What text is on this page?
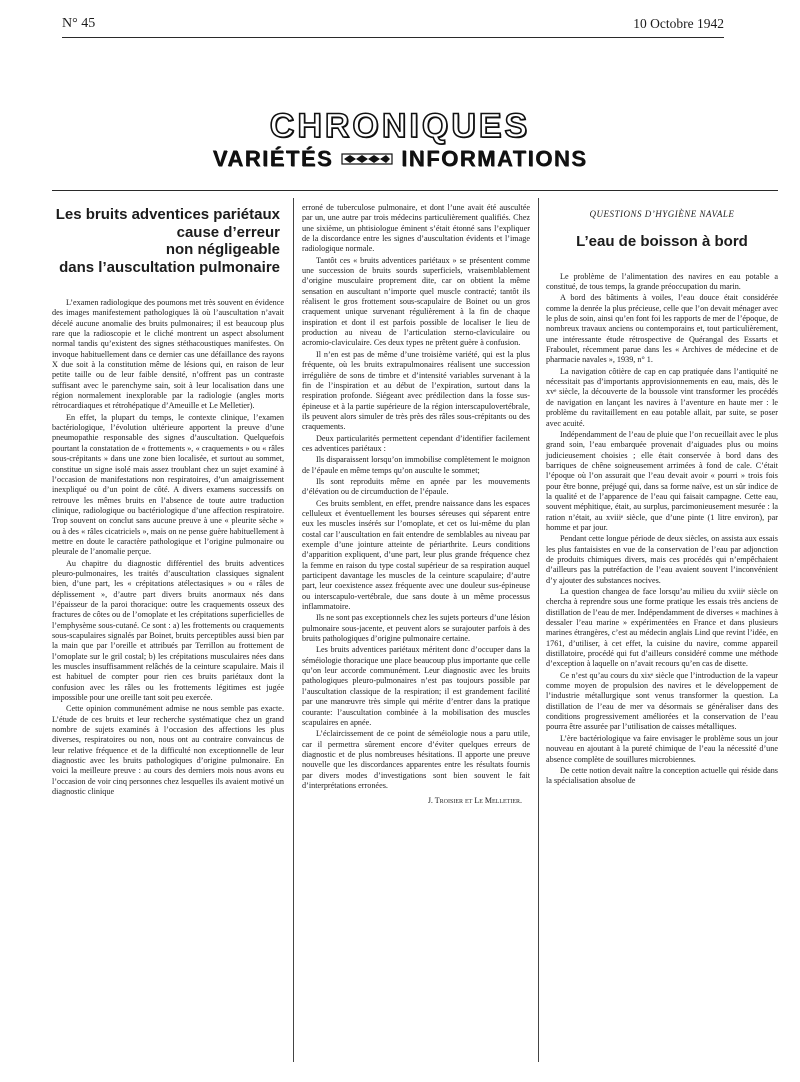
N° 45	10 Octobre 1942
CHRONIQUES
VARIÉTÉS	INFORMATIONS
Les bruits adventices pariétaux
cause d’erreur
non négligeable
dans l’auscultation pulmonaire

L’examen radiologique des poumons met très souvent en évidence des images manifestement pathologiques là où l’auscultation n’avait décelé aucune anomalie des bruits pulmonaires; il est beaucoup plus rare que la radioscopie et le cliché montrent un aspect absolument normal tandis qu’existent des signes stéthacoustiques manifestes. On invoque habituellement dans ce dernier cas une défaillance des rayons X due soit à la constitution même de lésions qui, en raison de leur petite taille ou de leur faible densité, n’offrent pas un contraste suffisant avec le parenchyme sain, soit à leur localisation dans une région normalement inexplorable par la radiologie (angles morts rétrocardiaques et rétrohépatique d’Ameuille et Le Melletier).

En effet, la plupart du temps, le contexte clinique, l’examen bactériologique, l’évolution ultérieure apportent la preuve d’une pneumopathie responsable des signes d’auscultation. Quelquefois pourtant la constatation de « frottements », « craquements » ou « râles sous-crépitants » dans une zone bien localisée, et surtout au sommet, constitue un signe isolé mais assez troublant chez un sujet examiné à l’occasion de manifestations non respiratoires, d’un amaigrissement inexpliqué ou d’un point de côté. A divers examens successifs on retrouve les mêmes bruits en l’absence de toute autre traduction clinique, radiologique ou bactériologique d’une affection respiratoire. Trop souvent on conclut sans aucune preuve à une « pleurite sèche » ou à des « râles cicatriciels », mais on ne pense guère habituellement à mettre en doute le caractère pathologique et l’origine pulmonaire ou pleurale de l’anomalie perçue.

Au chapitre du diagnostic différentiel des bruits adventices pleuro-pulmonaires, les traités d’auscultation classiques signalent bien, d’une part, les « crépitations atélectasiques » ou « râles de déplissement », d’autre part divers bruits anormaux nés dans l’épaisseur de la paroi thoracique: outre les craquements osseux des fractures de côtes ou de l’omoplate et les crépitations superficielles de l’emphysème sous-cutané. Ce sont : a) les frottements ou craquements sous-scapulaires signalés par Boinet, bruits perceptibles aussi bien par la main que par l’oreille et attribués par Terrillon au frottement de l’omoplate sur le gril costal; b) les crépitations musculaires nées dans les muscles insuffisamment relâchés de la ceinture scapulaire. Mais il est habituel de compter pour rien ces bruits pariétaux dont la confusion avec les râles ou les frottements légitimes est jugée impossible pour une oreille tant soit peu exercée.

Cette opinion communément admise ne nous semble pas exacte. L’étude de ces bruits et leur recherche systématique chez un grand nombre de sujets examinés à l’occasion des affections les plus diverses, respiratoires ou non, nous ont au contraire convaincus de leur relative fréquence et de la difficulté non exceptionnelle de leur diagnostic avec les bruits pathologiques d’origine pulmonaire. En voici la meilleure preuve : au cours des derniers mois nous avons eu l’occasion de voir cinq personnes chez lesquelles ils avaient motivé un diagnostic clinique

erroné de tuberculose pulmonaire, et dont l’une avait été auscultée par un, une autre par trois médecins particulièrement qualifiés. Chez une sixième, un phtisiologue éminent s’était étonné sans l’expliquer de la discordance entre les signes d’auscultation évidents et l’image radiologique normale.

Tantôt ces « bruits adventices pariétaux » se présentent comme une succession de bruits sourds superficiels, vraisemblablement d’origine musculaire proprement dite, car on obtient la même sensation en auscultant n’importe quel muscle contracté; tantôt ils réalisent le gros frottement sous-scapulaire de Boinet ou un gros craquement unique survenant régulièrement à la fin de chaque inspiration et dont il est parfois possible de localiser le lieu de production au niveau de l’articulation sterno-claviculaire ou acromio-claviculaire. Ces deux types ne prêtent guère à confusion.

Il n’en est pas de même d’une troisième variété, qui est la plus fréquente, où les bruits extrapulmonaires réalisent une succession irrégulière de sons de timbre et d’intensité variables survenant à la fin de l’inspiration et au début de l’expiration, surtout dans la respiration profonde. Siégeant avec prédilection dans la fosse sus-épineuse et à la partie supérieure de la région interscapulovertébrale, ils peuvent alors simuler de très près des râles sous-crépitants ou des craquements.

Deux particularités permettent cependant d’identifier facilement ces adventices pariétaux :

Ils disparaissent lorsqu’on immobilise complètement le moignon de l’épaule en même temps qu’on ausculte le sommet;

Ils sont reproduits même en apnée par les mouvements d’élévation ou de circumduction de l’épaule.

Ces bruits semblent, en effet, prendre naissance dans les espaces celluleux et éventuellement les bourses séreuses qui séparent entre eux les muscles insérés sur l’omoplate, et cet os lui-même du plan costal car l’auscultation en fait entendre de semblables au niveau par exemple d’une jointure atteinte de périarthrite. Leurs conditions d’apparition expliquent, d’une part, leur plus grande fréquence chez la femme en raison du type costal supérieur de sa respiration auquel participent davantage les muscles de la ceinture scapulaire; d’autre part, leur coexistence assez fréquente avec une douleur sus-épineuse ou interscapulo-vertébrale, due sans doute à un même processus inflammatoire.

Ils ne sont pas exceptionnels chez les sujets porteurs d’une lésion pulmonaire sous-jacente, et peuvent alors se surajouter parfois à des bruits pathologiques d’origine pulmonaire certaine.

Les bruits adventices pariétaux méritent donc d’occuper dans la séméiologie thoracique une place beaucoup plus importante que celle qu’on leur accorde communément. Leur diagnostic avec les bruits pathologiques pleuro-pulmonaires n’est pas toujours possible par l’auscultation classique de la respiration; il est grandement facilité par une manœuvre très simple qui mérite d’entrer dans la pratique courante: l’auscultation combinée à la mobilisation des muscles scapulaires en apnée.

L’éclaircissement de ce point de séméiologie nous a paru utile, car il permettra sûrement encore d’éviter quelques erreurs de diagnostic et de plus nombreuses hésitations. Il apporte une preuve nouvelle que les discordances apparentes entre les résultats fournis par divers modes d’investigations sont bien souvent le fait d’interprétations erronées.

J. Troisier et Le Melletier.
QUESTIONS D’HYGIÈNE NAVALE
L’eau de boisson à bord

Le problème de l’alimentation des navires en eau potable a constitué, de tous temps, la grande préoccupation du marin.

A bord des bâtiments à voiles, l’eau douce était considérée comme la denrée la plus précieuse, celle que l’on devait ménager avec le plus de soin, ainsi qu’en font foi les rapports de mer de l’époque, de nombreux travaux anciens ou contemporains et, tout particulièrement, une intéressante étude rétrospective de Quérangal des Essarts et Fraboulet, récemment parue dans les « Archives de médecine et de pharmacie navales », 1939, n° 1.

La navigation côtière de cap en cap pratiquée dans l’antiquité ne nécessitait pas d’importants approvisionnements en eau, mais, dès le xvᵉ siècle, la découverte de la boussole vint transformer les procédés de navigation en lançant les navires à l’aventure en haute mer : le problème du ravitaillement en eau potable allait, par suite, se poser avec acuité.

Indépendamment de l’eau de pluie que l’on recueillait avec le plus grand soin, l’eau embarquée provenait d’aiguades plus ou moins judicieusement choisies ; elle était conservée à bord dans des barriques de chêne soigneusement arrimées à fond de cale. C’était l’époque où l’on assurait que l’eau devait avoir « pourri » trois fois pour être bonne, préjugé qui, dans sa forme naïve, est un sûr indice de la qualité et de l’apparence de l’eau qui faisait campagne. Cette eau, souvent méphitique, était, au surplus, parcimonieusement mesurée : la ration n’était, au xviiiᵉ siècle, que d’une pinte (1 litre environ), par homme et par jour.

Pendant cette longue période de deux siècles, on assista aux essais les plus fantaisistes en vue de la conservation de l’eau par adjonction de produits chimiques divers, mais ces procédés qui n’empêchaient d’ailleurs pas la putréfaction de l’eau avaient souvent l’inconvénient d’y ajouter des substances nocives.

La question changea de face lorsqu’au milieu du xviiiᵉ siècle on chercha à reprendre sous une forme pratique les essais très anciens de distillation de l’eau de mer. Indépendamment de diverses « machines à dessaler l’eau marine » expérimentées en France et dans plusieurs marines étrangères, c’est au médecin anglais Lind que revint l’idée, en 1761, d’utiliser, à cet effet, la cuisine du navire, comme appareil distillatoire, procédé qui fut d’ailleurs considéré comme une méthode d’exception à laquelle on n’avait recours qu’en cas de disette.

Ce n’est qu’au cours du xixᵉ siècle que l’introduction de la vapeur comme moyen de propulsion des navires et le développement de l’industrie métallurgique sont venus transformer la question. La distillation de l’eau de mer va désormais se généraliser dans des conditions progressivement améliorées et la conservation de l’eau pourra être assurée par l’utilisation de caisses métalliques.

L’ère bactériologique va faire envisager le problème sous un jour nouveau en ajoutant à la pureté chimique de l’eau la nécessité d’une absence complète de souillures microbiennes.

De cette notion devait naître la conception actuelle qui réside dans la spécialisation absolue de
